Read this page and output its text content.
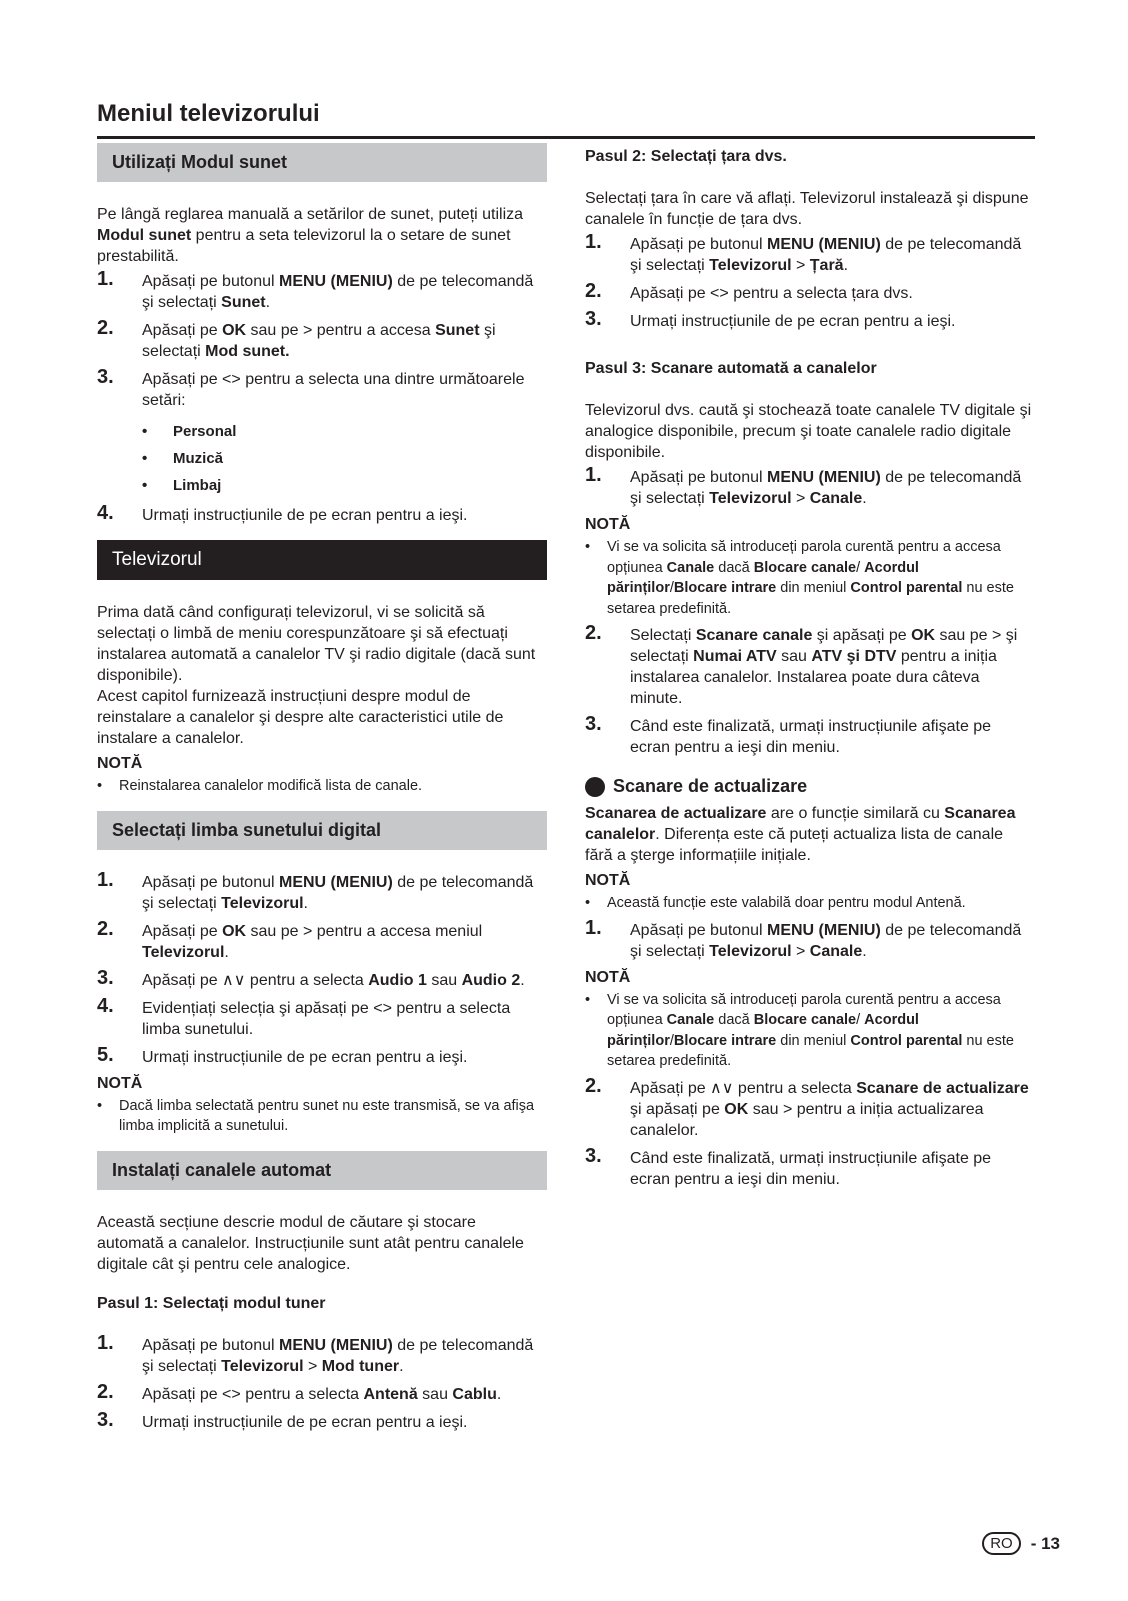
Meniul televizorului
Utilizați Modul sunet

Pe lângă reglarea manuală a setărilor de sunet, puteți utiliza Modul sunet pentru a seta televizorul la o setare de sunet prestabilită.

1. Apăsați pe butonul MENU (MENIU) de pe telecomandă şi selectați Sunet.
2. Apăsați pe OK sau pe > pentru a accesa Sunet şi selectați Mod sunet.
3. Apăsați pe <> pentru a selecta una dintre următoarele setări:
• Personal
• Muzică
• Limbaj
4. Urmați instrucțiunile de pe ecran pentru a ieşi.
Televizorul

Prima dată când configurați televizorul, vi se solicită să selectați o limbă de meniu corespunzătoare şi să efectuați instalarea automată a canalelor TV şi radio digitale (dacă sunt disponibile).
Acest capitol furnizează instrucțiuni despre modul de reinstalare a canalelor şi despre alte caracteristici utile de instalare a canalelor.

NOTĂ
• Reinstalarea canalelor modifică lista de canale.
Selectați limba sunetului digital
1. Apăsați pe butonul MENU (MENIU) de pe telecomandă şi selectați Televizorul.
2. Apăsați pe OK sau pe > pentru a accesa meniul Televizorul.
3. Apăsați pe ∧∨ pentru a selecta Audio 1 sau Audio 2.
4. Evidențiați selecția şi apăsați pe <> pentru a selecta limba sunetului.
5. Urmați instrucțiunile de pe ecran pentru a ieşi.
NOTĂ
• Dacă limba selectată pentru sunet nu este transmisă, se va afişa limba implicită a sunetului.
Instalați canalele automat

Această secțiune descrie modul de căutare şi stocare automată a canalelor. Instrucțiunile sunt atât pentru canalele digitale cât şi pentru cele analogice.

Pasul 1: Selectați modul tuner
1. Apăsați pe butonul MENU (MENIU) de pe telecomandă şi selectați Televizorul > Mod tuner.
2. Apăsați pe <> pentru a selecta Antenă sau Cablu.
3. Urmați instrucțiunile de pe ecran pentru a ieşi.
Pasul 2: Selectați țara dvs.

Selectați țara în care vă aflați. Televizorul instalează şi dispune canalele în funcție de țara dvs.

1. Apăsați pe butonul MENU (MENIU) de pe telecomandă şi selectați Televizorul > Țară.
2. Apăsați pe <> pentru a selecta țara dvs.
3. Urmați instrucțiunile de pe ecran pentru a ieşi.
Pasul 3: Scanare automată a canalelor

Televizorul dvs. caută şi stochează toate canalele TV digitale şi analogice disponibile, precum şi toate canalele radio digitale disponibile.

1. Apăsați pe butonul MENU (MENIU) de pe telecomandă şi selectați Televizorul > Canale.
NOTĂ
• Vi se va solicita să introduceți parola curentă pentru a accesa opțiunea Canale dacă Blocare canale/ Acordul părinților/Blocare intrare din meniul Control parental nu este setarea predefinită.
2. Selectați Scanare canale şi apăsați pe OK sau pe > şi selectați Numai ATV sau ATV şi DTV pentru a iniția instalarea canalelor. Instalarea poate dura câteva minute.
3. Când este finalizată, urmați instrucțiunile afişate pe ecran pentru a ieşi din meniu.
Scanare de actualizare

Scanarea de actualizare are o funcție similară cu Scanarea canalelor. Diferența este că puteți actualiza lista de canale fără a şterge informațiile inițiale.

NOTĂ
• Această funcție este valabilă doar pentru modul Antenă.
1. Apăsați pe butonul MENU (MENIU) de pe telecomandă şi selectați Televizorul > Canale.
NOTĂ
• Vi se va solicita să introduceți parola curentă pentru a accesa opțiunea Canale dacă Blocare canale/ Acordul părinților/Blocare intrare din meniul Control parental nu este setarea predefinită.
2. Apăsați pe ∧∨ pentru a selecta Scanare de actualizare şi apăsați pe OK sau > pentru a iniția actualizarea canalelor.
3. Când este finalizată, urmați instrucțiunile afişate pe ecran pentru a ieşi din meniu.
RO	- 13
